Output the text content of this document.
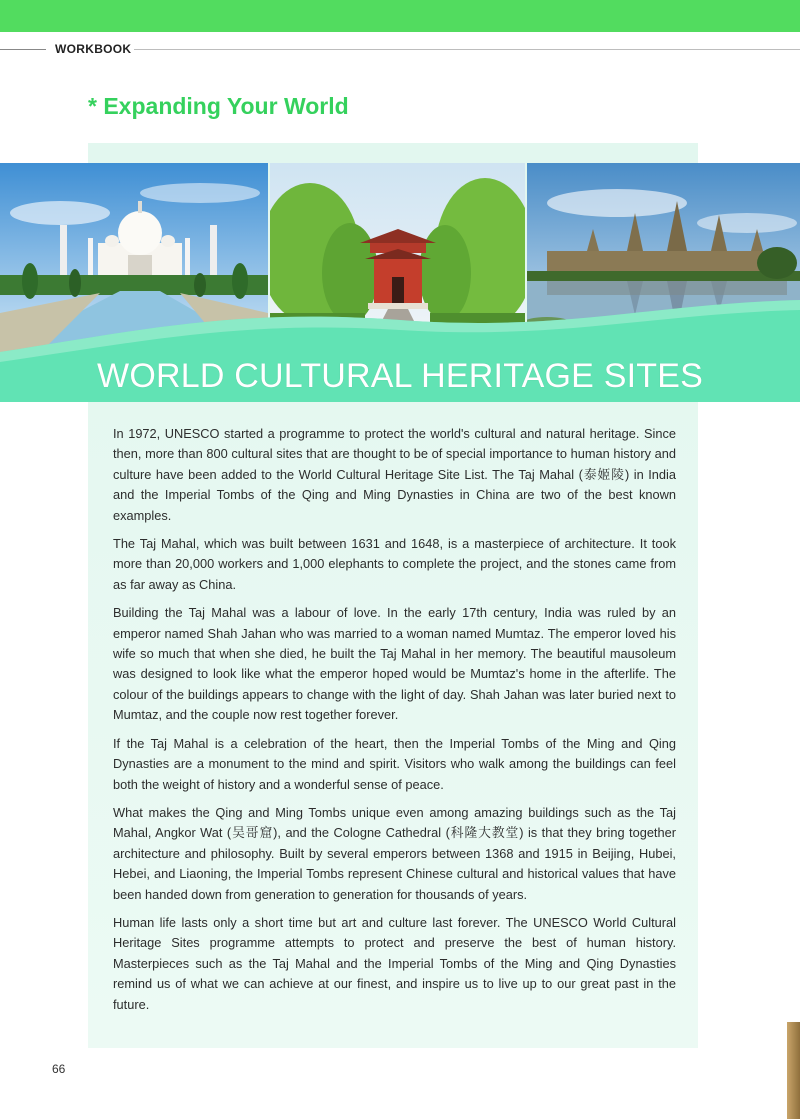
WORKBOOK
* Expanding Your World
WORLD CULTURAL HERITAGE SITES

In 1972, UNESCO started a programme to protect the world's cultural and natural heritage. Since then, more than 800 cultural sites that are thought to be of special importance to human history and culture have been added to the World Cultural Heritage Site List. The Taj Mahal (泰姬陵) in India and the Imperial Tombs of the Qing and Ming Dynasties in China are two of the best known examples.

The Taj Mahal, which was built between 1631 and 1648, is a masterpiece of architecture. It took more than 20,000 workers and 1,000 elephants to complete the project, and the stones came from as far away as China.

Building the Taj Mahal was a labour of love. In the early 17th century, India was ruled by an emperor named Shah Jahan who was married to a woman named Mumtaz. The emperor loved his wife so much that when she died, he built the Taj Mahal in her memory. The beautiful mausoleum was designed to look like what the emperor hoped would be Mumtaz's home in the afterlife. The colour of the buildings appears to change with the light of day. Shah Jahan was later buried next to Mumtaz, and the couple now rest together forever.

If the Taj Mahal is a celebration of the heart, then the Imperial Tombs of the Ming and Qing Dynasties are a monument to the mind and spirit. Visitors who walk among the buildings can feel both the weight of history and a wonderful sense of peace.

What makes the Qing and Ming Tombs unique even among amazing buildings such as the Taj Mahal, Angkor Wat (吴哥窟), and the Cologne Cathedral (科隆大教堂) is that they bring together architecture and philosophy. Built by several emperors between 1368 and 1915 in Beijing, Hubei, Hebei, and Liaoning, the Imperial Tombs represent Chinese cultural and historical values that have been handed down from generation to generation for thousands of years.

Human life lasts only a short time but art and culture last forever. The UNESCO World Cultural Heritage Sites programme attempts to protect and preserve the best of human history. Masterpieces such as the Taj Mahal and the Imperial Tombs of the Ming and Qing Dynasties remind us of what we can achieve at our finest, and inspire us to live up to our great past in the future.

66
